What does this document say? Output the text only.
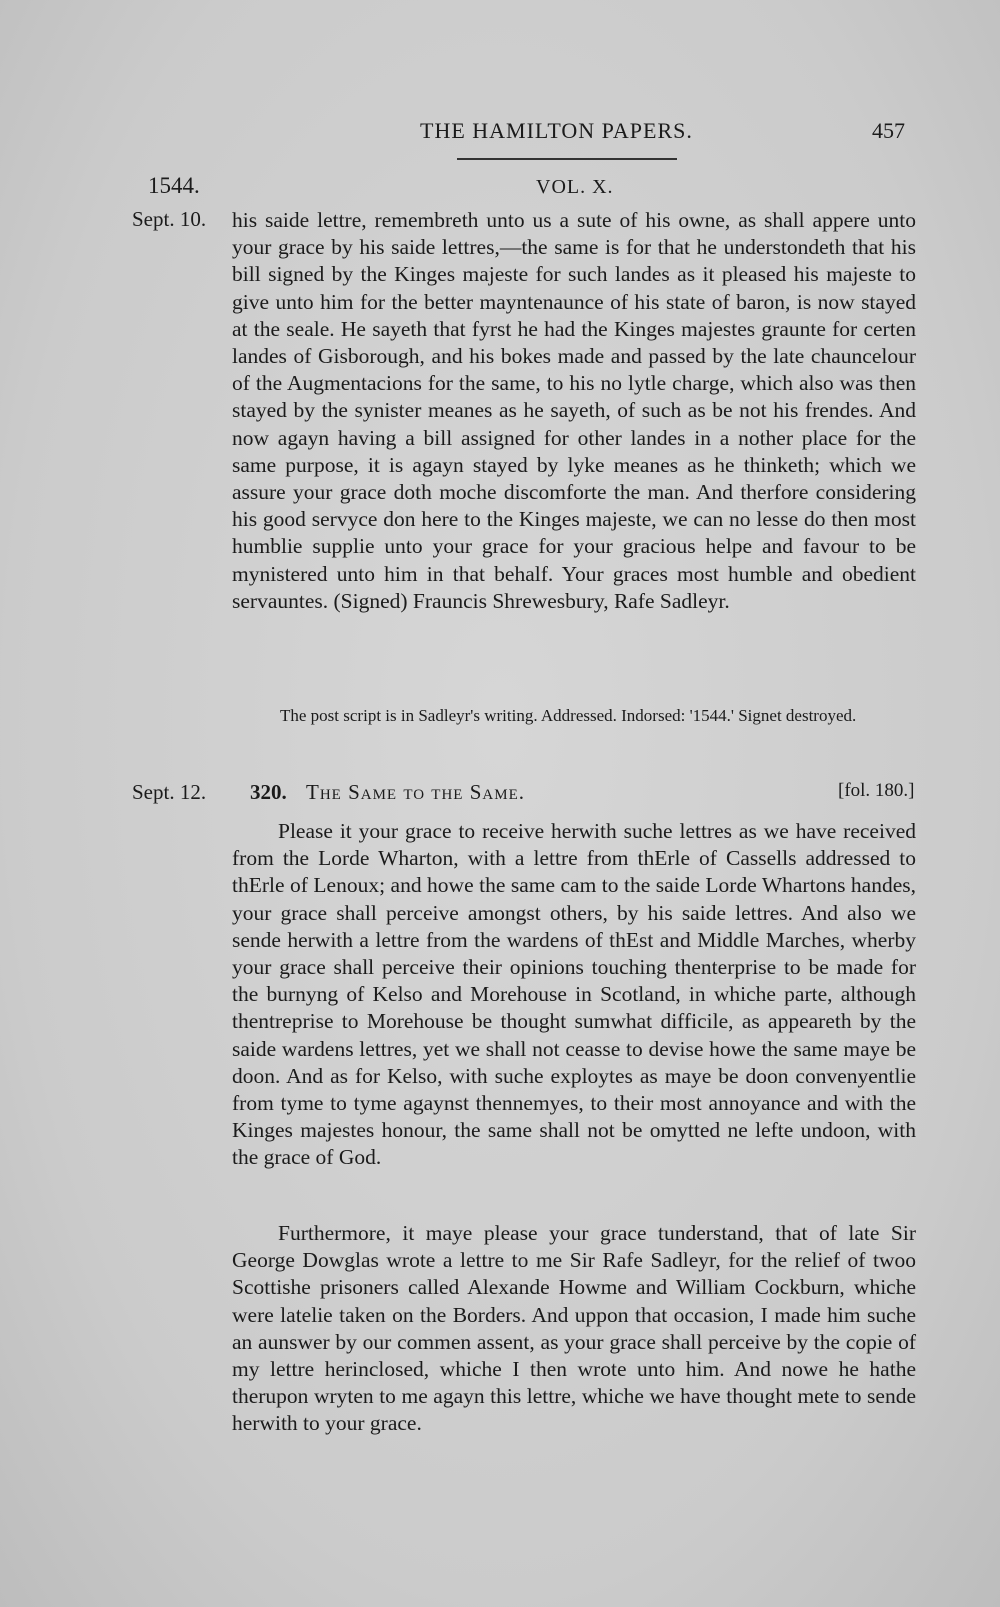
THE HAMILTON PAPERS.	457
1544.	VOL. X.
Sept. 10. his saide lettre, remembreth unto us a sute of his owne, as shall appere unto your grace by his saide lettres,—the same is for that he understondeth that his bill signed by the Kinges majeste for such landes as it pleased his majeste to give unto him for the better mayntenaunce of his state of baron, is now stayed at the seale. He sayeth that fyrst he had the Kinges majestes graunte for certen landes of Gisborough, and his bokes made and passed by the late chauncelour of the Augmentacions for the same, to his no lytle charge, which also was then stayed by the synister meanes as he sayeth, of such as be not his frendes. And now agayn having a bill assigned for other landes in a nother place for the same purpose, it is agayn stayed by lyke meanes as he thinketh; which we assure your grace doth moche discomforte the man. And therfore considering his good servyce don here to the Kinges majeste, we can no lesse do then most humblie supplie unto your grace for your gracious helpe and favour to be mynistered unto him in that behalf. Your graces most humble and obedient servauntes. (Signed) Frauncis Shrewesbury, Rafe Sadleyr.

The post script is in Sadleyr's writing. Addressed. Indorsed: '1544.' Signet destroyed.

Sept. 12. 320. The Same to the Same.	[fol. 180.]

Please it your grace to receive herwith suche lettres as we have received from the Lorde Wharton, with a lettre from thErle of Cassells addressed to thErle of Lenoux; and howe the same cam to the saide Lorde Whartons handes, your grace shall perceive amongst others, by his saide lettres. And also we sende herwith a lettre from the wardens of thEst and Middle Marches, wherby your grace shall perceive their opinions touching thenterprise to be made for the burnyng of Kelso and Morehouse in Scotland, in whiche parte, although thentreprise to Morehouse be thought sumwhat difficile, as appeareth by the saide wardens lettres, yet we shall not ceasse to devise howe the same maye be doon. And as for Kelso, with suche exploytes as maye be doon convenyentlie from tyme to tyme agaynst thennemyes, to their most annoyance and with the Kinges majestes honour, the same shall not be omytted ne lefte undoon, with the grace of God.

Furthermore, it maye please your grace tunderstand, that of late Sir George Dowglas wrote a lettre to me Sir Rafe Sadleyr, for the relief of twoo Scottishe prisoners called Alexande Howme and William Cockburn, whiche were latelie taken on the Borders. And uppon that occasion, I made him suche an aunswer by our commen assent, as your grace shall perceive by the copie of my lettre herinclosed, whiche I then wrote unto him. And nowe he hathe therupon wryten to me agayn this lettre, whiche we have thought mete to sende herwith to your grace.
